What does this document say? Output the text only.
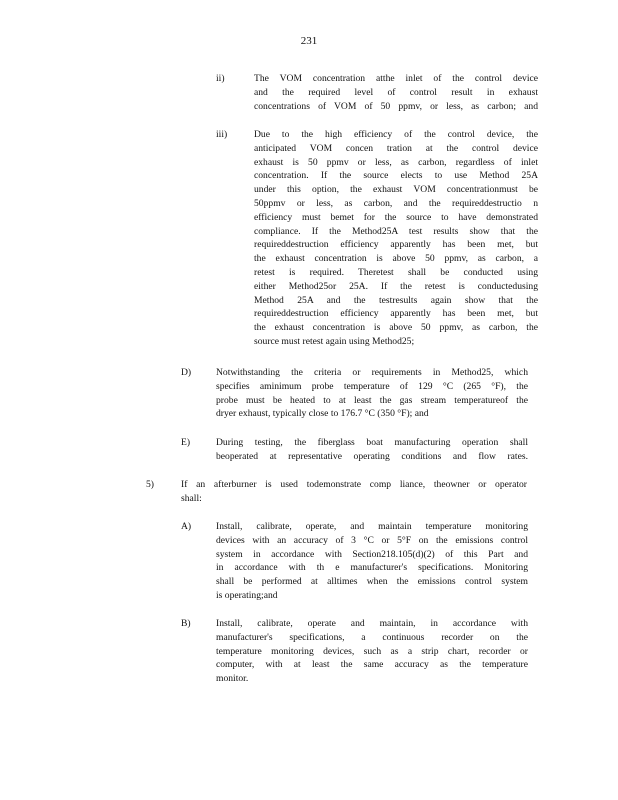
231
ii)	The VOM concentration atthe inlet of the control device
and the required level of control result in exhaust
concentrations of VOM of 50 ppmv, or less, as carbon; and
iii)	Due to the high efficiency of the control device, the
anticipated VOM concen tration at the control device
exhaust is 50 ppmv or less, as carbon, regardless of inlet
concentration. If the source elects to use Method 25A
under this option, the exhaust VOM concentrationmust be
50ppmv or less, as carbon, and the requireddestructio n
efficiency must bemet for the source to have demonstrated
compliance. If the Method25A test results show that the
requireddestruction efficiency apparently has been met, but
the exhaust concentration is above 50 ppmv, as carbon, a
retest is required. Theretest shall be conducted using
either Method25or 25A. If the retest is conductedusing
Method 25A and the testresults again show that the
requireddestruction efficiency apparently has been met, but
the exhaust concentration is above 50 ppmv, as carbon, the
source must retest again using Method25;
D)	Notwithstanding the criteria or requirements in Method25, which
specifies aminimum probe temperature of 129 °C (265 °F), the
probe must be heated to at least the gas stream temperatureof the
dryer exhaust, typically close to 176.7 °C (350 °F); and
E)	During testing, the fiberglass boat manufacturing operation shall
beoperated at representative operating conditions and flow rates.
5)	If an afterburner is used todemonstrate comp liance, theowner or operator
shall:
A)	Install, calibrate, operate, and maintain temperature monitoring
devices with an accuracy of 3 °C or 5°F on the emissions control
system in accordance with Section218.105(d)(2) of this Part and
in accordance with th e manufacturer's specifications. Monitoring
shall be performed at alltimes when the emissions control system
is operating;and
B)	Install, calibrate, operate and maintain, in accordance with
manufacturer's specifications, a continuous recorder on the
temperature monitoring devices, such as a strip chart, recorder or
computer, with at least the same accuracy as the temperature
monitor.
